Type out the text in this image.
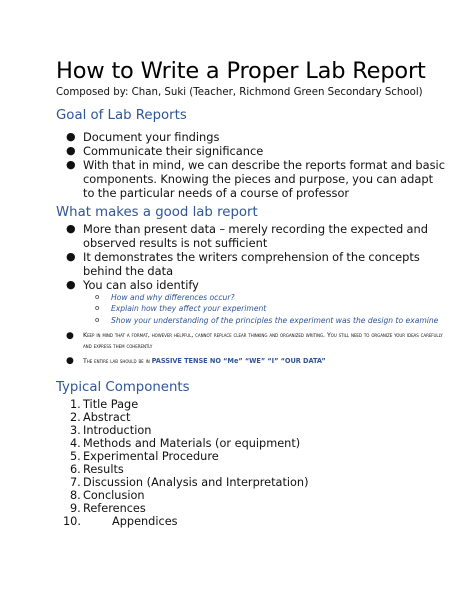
How to Write a Proper Lab Report
Composed by: Chan, Suki (Teacher, Richmond Green Secondary School)
Goal of Lab Reports
● Document your findings
● Communicate their significance
● With that in mind, we can describe the reports format and basic components. Knowing the pieces and purpose, you can adapt to the particular needs of a course of professor
What makes a good lab report
● More than present data – merely recording the expected and observed results is not sufficient
● It demonstrates the writers comprehension of the concepts behind the data
● You can also identify
o How and why differences occur?
o Explain how they affect your experiment
o Show your understanding of the principles the experiment was the design to examine
● Keep in mind that a format, however helpful, cannot replace clear thinking and organized writing. You still need to organize your ideas carefully and express them coherently
● The entire lab should be in PASSIVE TENSE NO “Me” “WE” “I” “OUR DATA”
Typical Components
1. Title Page
2. Abstract
3. Introduction
4. Methods and Materials (or equipment)
5. Experimental Procedure
6. Results
7. Discussion (Analysis and Interpretation)
8. Conclusion
9. References
10.	Appendices
